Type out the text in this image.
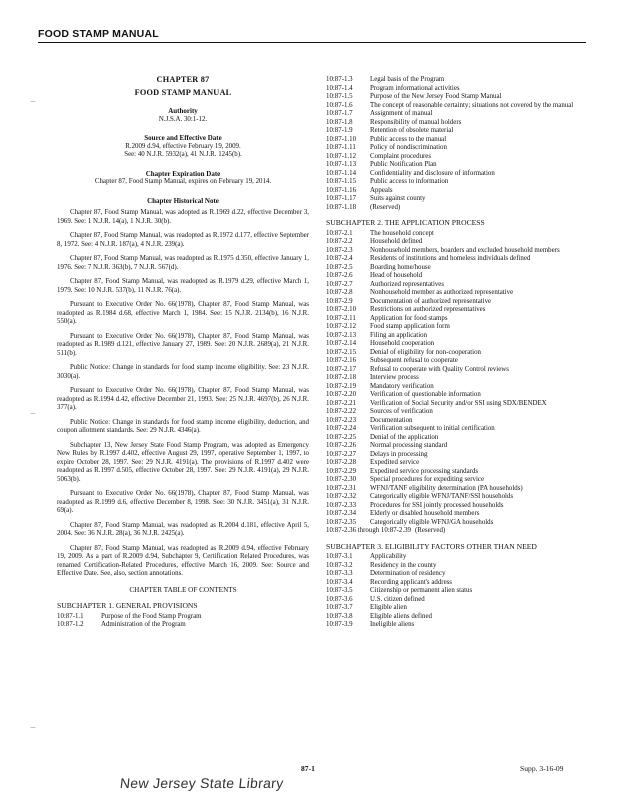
FOOD STAMP MANUAL
⌣
⌣
⌣
CHAPTER 87
FOOD STAMP MANUAL
Authority
N.J.S.A. 30:1-12.
Source and Effective Date
R.2009 d.94, effective February 19, 2009.
See: 40 N.J.R. 5932(a), 41 N.J.R. 1245(b).
Chapter Expiration Date
Chapter 87, Food Stamp Manual, expires on February 19, 2014.
Chapter Historical Note

Chapter 87, Food Stamp Manual, was adopted as R.1969 d.22, effective December 3, 1969. See: 1 N.J.R. 14(a), 1 N.J.R. 30(b).

Chapter 87, Food Stamp Manual, was readopted as R.1972 d.177, effective September 8, 1972. See: 4 N.J.R. 187(a), 4 N.J.R. 239(a).

Chapter 87, Food Stamp Manual, was readopted as R.1975 d.350, effective January 1, 1976. See: 7 N.J.R. 363(b), 7 N.J.R. 567(d).

Chapter 87, Food Stamp Manual, was readopted as R.1979 d.29, effective March 1, 1979. See: 10 N.J.R. 537(b), 11 N.J.R. 76(a).

Pursuant to Executive Order No. 66(1978), Chapter 87, Food Stamp Manual, was readopted as R.1984 d.68, effective March 1, 1984. See: 15 N.J.R. 2134(b), 16 N.J.R. 550(a).

Pursuant to Executive Order No. 66(1978), Chapter 87, Food Stamp Manual, was readopted as R.1989 d.121, effective January 27, 1989. See: 20 N.J.R. 2689(a), 21 N.J.R. 511(b).

Public Notice: Change in standards for food stamp income eligibility. See: 23 N.J.R. 3030(a).

Pursuant to Executive Order No. 66(1978), Chapter 87, Food Stamp Manual, was readopted as R.1994 d.42, effective December 21, 1993. See: 25 N.J.R. 4697(b), 26 N.J.R. 377(a).

Public Notice: Change in standards for food stamp income eligibility, deduction, and coupon allotment standards. See: 29 N.J.R. 4346(a).

Subchapter 13, New Jersey State Food Stamp Program, was adopted as Emergency New Rules by R.1997 d.402, effective August 29, 1997, operative September 1, 1997, to expire October 28, 1997. See: 29 N.J.R. 4191(a). The provisions of R.1997 d.402 were readopted as R.1997 d.505, effective October 28, 1997. See: 29 N.J.R. 4191(a), 29 N.J.R. 5063(b).

Pursuant to Executive Order No. 66(1978), Chapter 87, Food Stamp Manual, was readopted as R.1999 d.6, effective December 8, 1998. See: 30 N.J.R. 3451(a), 31 N.J.R. 69(a).

Chapter 87, Food Stamp Manual, was readopted as R.2004 d.181, effective April 5, 2004. See: 36 N.J.R. 28(a), 36 N.J.R. 2425(a).

Chapter 87, Food Stamp Manual, was readopted as R.2009 d.94, effective February 19, 2009. As a part of R.2009 d.94, Subchapter 9, Certification Related Procedures, was renamed Certification-Related Procedures, effective March 16, 2009. See: Source and Effective Date. See, also, section annotations.

CHAPTER TABLE OF CONTENTS
SUBCHAPTER 1. GENERAL PROVISIONS
10:87-1.1	Purpose of the Food Stamp Program
10:87-1.2	Administration of the Program
10:87-1.3	Legal basis of the Program
10:87-1.4	Program informational activities
10:87-1.5	Purpose of the New Jersey Food Stamp Manual
10:87-1.6	The concept of reasonable certainty; situations not covered by the manual
10:87-1.7	Assignment of manual
10:87-1.8	Responsibility of manual holders
10:87-1.9	Retention of obsolete material
10:87-1.10	Public access to the manual
10:87-1.11	Policy of nondiscrimination
10:87-1.12	Complaint procedures
10:87-1.13	Public Notification Plan
10:87-1.14	Confidentiality and disclosure of information
10:87-1.15	Public access to information
10:87-1.16	Appeals
10:87-1.17	Suits against county
10:87-1.18	(Reserved)
SUBCHAPTER 2. THE APPLICATION PROCESS
10:87-2.1	The household concept
10:87-2.2	Household defined
10:87-2.3	Nonhousehold members, boarders and excluded household members
10:87-2.4	Residents of institutions and homeless individuals defined
10:87-2.5	Boarding home/house
10:87-2.6	Head of household
10:87-2.7	Authorized representatives
10:87-2.8	Nonhousehold member as authorized representative
10:87-2.9	Documentation of authorized representative
10:87-2.10	Restrictions on authorized representatives
10:87-2.11	Application for food stamps
10:87-2.12	Food stamp application form
10:87-2.13	Filing an application
10:87-2.14	Household cooperation
10:87-2.15	Denial of eligibility for non-cooperation
10:87-2.16	Subsequent refusal to cooperate
10:87-2.17	Refusal to cooperate with Quality Control reviews
10:87-2.18	Interview process
10:87-2.19	Mandatory verification
10:87-2.20	Verification of questionable information
10:87-2.21	Verification of Social Security and/or SSI using SDX/BENDEX
10:87-2.22	Sources of verification
10:87-2.23	Documentation
10:87-2.24	Verification subsequent to initial certification
10:87-2.25	Denial of the application
10:87-2.26	Normal processing standard
10:87-2.27	Delays in processing
10:87-2.28	Expedited service
10:87-2.29	Expedited service processing standards
10:87-2.30	Special procedures for expediting service
10:87-2.31	WFNJ/TANF eligibility determination (PA households)
10:87-2.32	Categorically eligible WFNJ/TANF/SSI households
10:87-2.33	Procedures for SSI jointly processed households
10:87-2.34	Elderly or disabled household members
10:87-2.35	Categorically eligible WFNJ/GA households
10:87-2.36 through 10:87-2.39 (Reserved)
SUBCHAPTER 3. ELIGIBILITY FACTORS OTHER THAN NEED
10:87-3.1	Applicability
10:87-3.2	Residency in the county
10:87-3.3	Determination of residency
10:87-3.4	Recording applicant's address
10:87-3.5	Citizenship or permanent alien status
10:87-3.6	U.S. citizen defined
10:87-3.7	Eligible alien
10:87-3.8	Eligible aliens defined
10:87-3.9	Ineligible aliens
87-1	Supp. 3-16-09
New Jersey State Library
